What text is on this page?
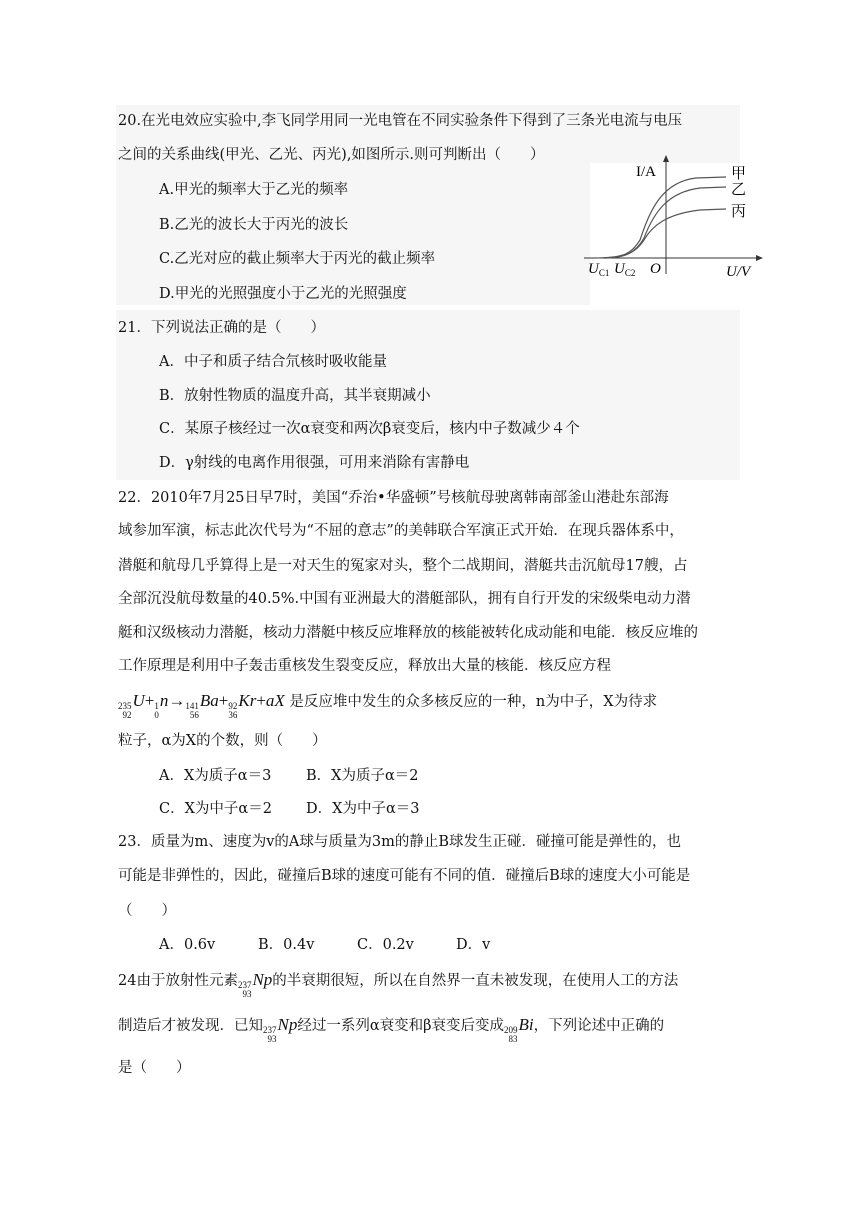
20.在光电效应实验中,李飞同学用同一光电管在不同实验条件下得到了三条光电流与电压
之间的关系曲线(甲光、乙光、丙光),如图所示.则可判断出（　　）
A.甲光的频率大于乙光的频率
B.乙光的波长大于丙光的波长
C.乙光对应的截止频率大于丙光的截止频率
D.甲光的光照强度小于乙光的光照强度
I/A	甲
乙
丙
O	U/V
$U_{C1}$ $U_{C2}$
21．下列说法正确的是（　　）
A．中子和质子结合氘核时吸收能量
B．放射性物质的温度升高，其半衰期减小
C．某原子核经过一次α衰变和两次β衰变后，核内中子数减少４个
D．γ射线的电离作用很强，可用来消除有害静电
22．2010年7月25日早7时，美国“乔治•华盛顿”号核航母驶离韩南部釜山港赴东部海
域参加军演，标志此次代号为“不屈的意志”的美韩联合军演正式开始．在现兵器体系中，
潜艇和航母几乎算得上是一对天生的冤家对头，整个二战期间，潜艇共击沉航母17艘，占
全部沉没航母数量的40.5%.中国有亚洲最大的潜艇部队，拥有自行开发的宋级柴电动力潜
艇和汉级核动力潜艇，核动力潜艇中核反应堆释放的核能被转化成动能和电能．核反应堆的
工作原理是利用中子轰击重核发生裂变反应，释放出大量的核能．核反应方程
235
92
U+ 1
0
n→ 141
56
Ba+ 92
36
Kr+aX 是反应堆中发生的众多核反应的一种，n为中子，X为待求
粒子，α为X的个数，则（　　）
A．X为质子α＝3 B．X为质子α＝2
C．X为中子α＝2 D．X为中子α＝3
23．质量为m、速度为v的A球与质量为3m的静止B球发生正碰．碰撞可能是弹性的，也
可能是非弹性的，因此，碰撞后B球的速度可能有不同的值．碰撞后B球的速度大小可能是
（　　）
A．0.6v	B．0.4v	C．0.2v	D．v
24由于放射性元素 237
93
Np的半衰期很短，所以在自然界一直未被发现，在使用人工的方法
制造后才被发现．已知 237
93
Np经过一系列α衰变和β衰变后变成 209
83
Bi，下列论述中正确的
是（　　）
